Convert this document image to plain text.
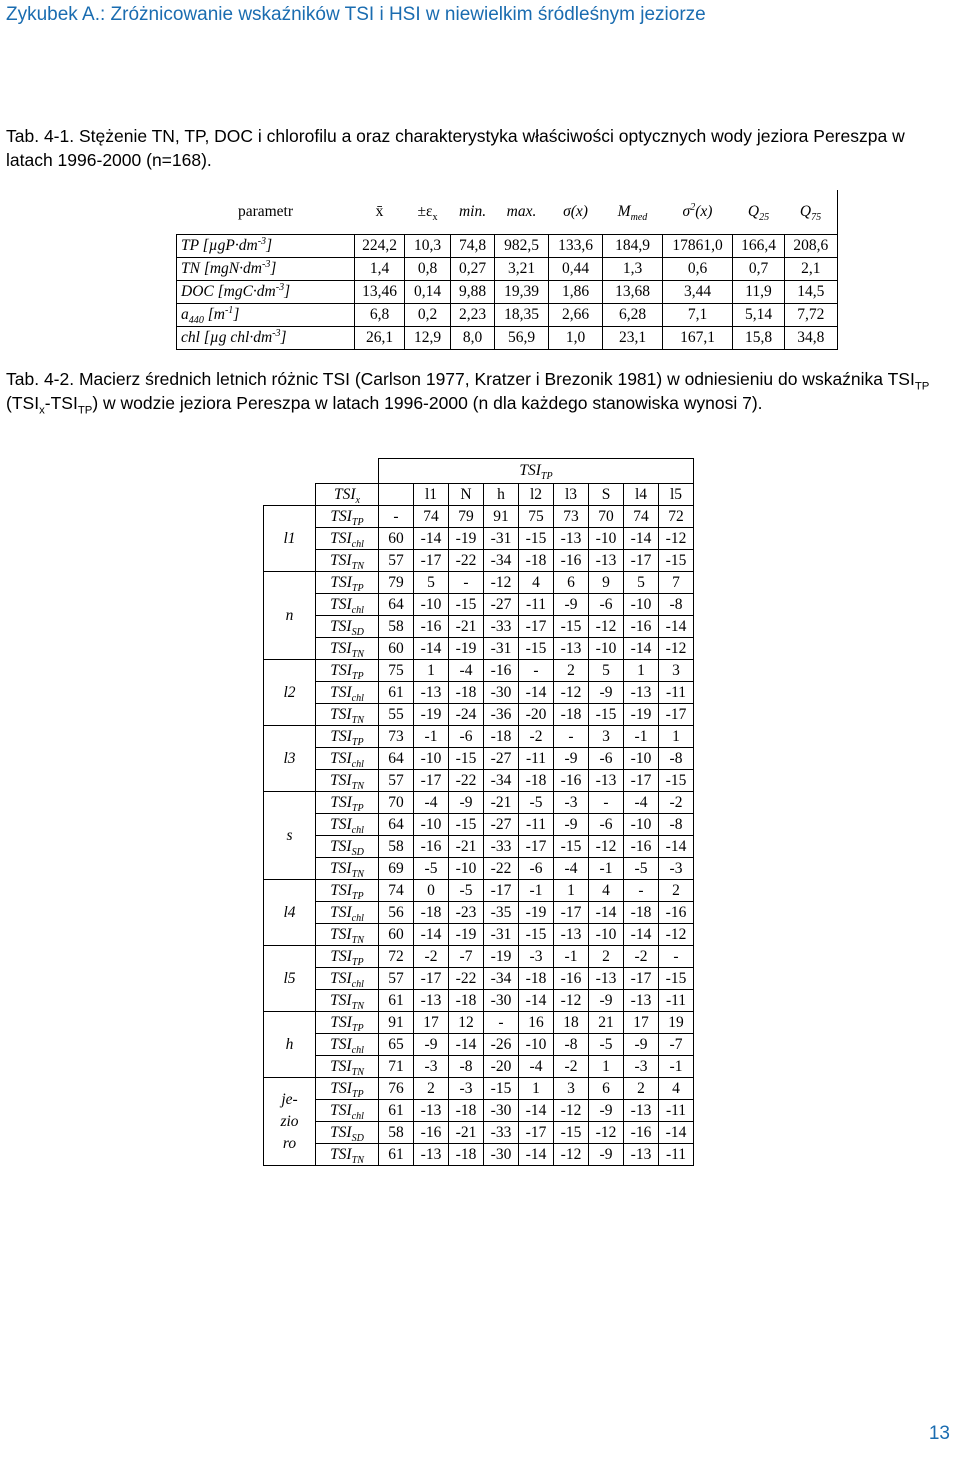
Zykubek A.: Zróżnicowanie wskaźników TSI i HSI w niewielkim śródleśnym jeziorze
Tab. 4-1. Stężenie TN, TP, DOC i chlorofilu a oraz charakterystyka właściwości optycznych wody jeziora Pereszpa w latach 1996-2000 (n=168).
parametr	x̄	$\pm\varepsilon_x$	min.	max.	σ(x)	$M_{med}$	$\sigma^2(x)$	$Q_{25}$	$Q_{75}$
TP $[\mu gP\cdot dm^{-3}]$	224,2	10,3	74,8	982,5	133,6	184,9	17861,0	166,4	208,6
TN $[mgN\cdot dm^{-3}]$	1,4	0,8	0,27	3,21	0,44	1,3	0,6	0,7	2,1
DOC $[mgC\cdot dm^{-3}]$	13,46	0,14	9,88	19,39	1,86	13,68	3,44	11,9	14,5
$a_{440}$ $[m^{-1}]$	6,8	0,2	2,23	18,35	2,66	6,28	7,1	5,14	7,72
chl [µg $chl\cdot dm^{-3}$]	26,1	12,9	8,0	56,9	1,0	23,1	167,1	15,8	34,8
Tab. 4-2. Macierz średnich letnich różnic TSI (Carlson 1977, Kratzer i Brezonik 1981) w odniesieniu do wskaźnika $TSI_{TP}$ $(TSI_x-TSI_{TP})$ w wodzie jeziora Pereszpa w latach 1996-2000 (n dla każdego stanowiska wynosi 7).
		$TSI_{TP}$
	$TSI_x$		l1	N	h	l2	l3	S	l4	l5
l1	$TSI_{TP}$	-	74	79	91	75	73	70	74	72
	$TSI_{chl}$	60	-14	-19	-31	-15	-13	-10	-14	-12
	$TSI_{TN}$	57	-17	-22	-34	-18	-16	-13	-17	-15
n	$TSI_{TP}$	79	5	-	-12	4	6	9	5	7
	$TSI_{chl}$	64	-10	-15	-27	-11	-9	-6	-10	-8
	$TSI_{SD}$	58	-16	-21	-33	-17	-15	-12	-16	-14
	$TSI_{TN}$	60	-14	-19	-31	-15	-13	-10	-14	-12
l2	$TSI_{TP}$	75	1	-4	-16	-	2	5	1	3
	$TSI_{chl}$	61	-13	-18	-30	-14	-12	-9	-13	-11
	$TSI_{TN}$	55	-19	-24	-36	-20	-18	-15	-19	-17
l3	$TSI_{TP}$	73	-1	-6	-18	-2	-	3	-1	1
	$TSI_{chl}$	64	-10	-15	-27	-11	-9	-6	-10	-8
	$TSI_{TN}$	57	-17	-22	-34	-18	-16	-13	-17	-15
s	$TSI_{TP}$	70	-4	-9	-21	-5	-3	-	-4	-2
	$TSI_{chl}$	64	-10	-15	-27	-11	-9	-6	-10	-8
	$TSI_{SD}$	58	-16	-21	-33	-17	-15	-12	-16	-14
	$TSI_{TN}$	69	-5	-10	-22	-6	-4	-1	-5	-3
l4	$TSI_{TP}$	74	0	-5	-17	-1	1	4	-	2
	$TSI_{chl}$	56	-18	-23	-35	-19	-17	-14	-18	-16
	$TSI_{TN}$	60	-14	-19	-31	-15	-13	-10	-14	-12
l5	$TSI_{TP}$	72	-2	-7	-19	-3	-1	2	-2	-
	$TSI_{chl}$	57	-17	-22	-34	-18	-16	-13	-17	-15
	$TSI_{TN}$	61	-13	-18	-30	-14	-12	-9	-13	-11
h	$TSI_{TP}$	91	17	12	-	16	18	21	17	19
	$TSI_{chl}$	65	-9	-14	-26	-10	-8	-5	-9	-7
	$TSI_{TN}$	71	-3	-8	-20	-4	-2	1	-3	-1
je-
zio
ro	$TSI_{TP}$	76	2	-3	-15	1	3	6	2	4
	$TSI_{chl}$	61	-13	-18	-30	-14	-12	-9	-13	-11
	$TSI_{SD}$	58	-16	-21	-33	-17	-15	-12	-16	-14
	$TSI_{TN}$	61	-13	-18	-30	-14	-12	-9	-13	-11
13
